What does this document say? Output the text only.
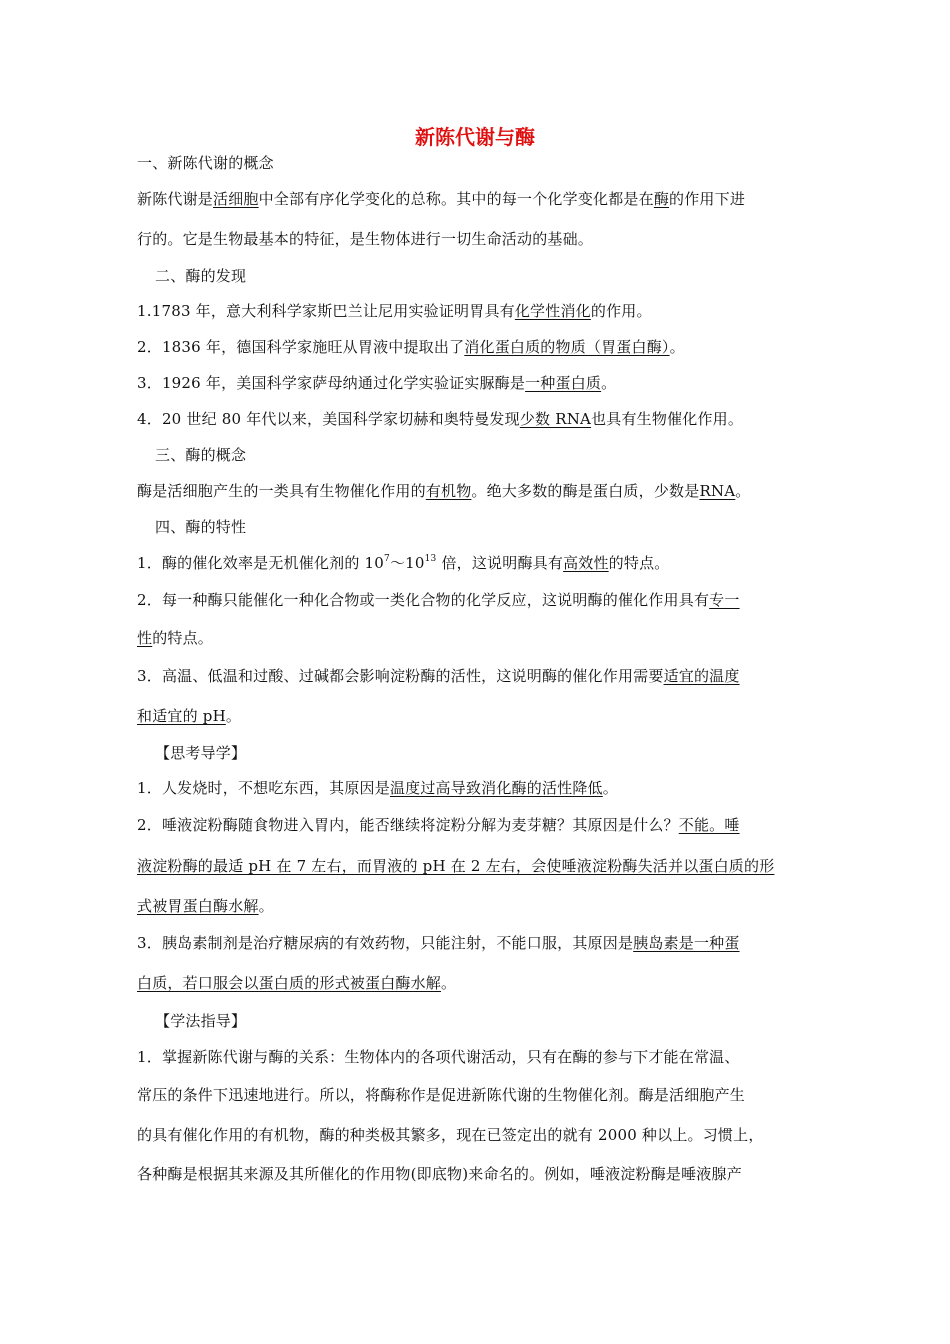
新陈代谢与酶
一、新陈代谢的概念
新陈代谢是活细胞中全部有序化学变化的总称。其中的每一个化学变化都是在酶的作用下进
行的。它是生物最基本的特征，是生物体进行一切生命活动的基础。
二、酶的发现
1.1783 年，意大利科学家斯巴兰让尼用实验证明胃具有化学性消化的作用。
2．1836 年，德国科学家施旺从胃液中提取出了消化蛋白质的物质（胃蛋白酶）。
3．1926 年，美国科学家萨母纳通过化学实验证实脲酶是一种蛋白质。
4．20 世纪 80 年代以来，美国科学家切赫和奥特曼发现少数 RNA也具有生物催化作用。
三、酶的概念
酶是活细胞产生的一类具有生物催化作用的有机物。绝大多数的酶是蛋白质，少数是RNA。
四、酶的特性
1．酶的催化效率是无机催化剂的 $10^7\sim 10^{13}$ 倍，这说明酶具有高效性的特点。
2．每一种酶只能催化一种化合物或一类化合物的化学反应，这说明酶的催化作用具有专一
性的特点。
3．高温、低温和过酸、过碱都会影响淀粉酶的活性，这说明酶的催化作用需要适宜的温度
和适宜的 pH。
【思考导学】
1．人发烧时，不想吃东西，其原因是温度过高导致消化酶的活性降低。
2．唾液淀粉酶随食物进入胃内，能否继续将淀粉分解为麦芽糖？其原因是什么？不能。唾
液淀粉酶的最适 pH 在 7 左右，而胃液的 pH 在 2 左右，会使唾液淀粉酶失活并以蛋白质的形
式被胃蛋白酶水解。
3．胰岛素制剂是治疗糖尿病的有效药物，只能注射，不能口服，其原因是胰岛素是一种蛋
白质，若口服会以蛋白质的形式被蛋白酶水解。
【学法指导】
1．掌握新陈代谢与酶的关系：生物体内的各项代谢活动，只有在酶的参与下才能在常温、
常压的条件下迅速地进行。所以，将酶称作是促进新陈代谢的生物催化剂。酶是活细胞产生
的具有催化作用的有机物，酶的种类极其繁多，现在已签定出的就有 2000 种以上。习惯上，
各种酶是根据其来源及其所催化的作用物(即底物)来命名的。例如，唾液淀粉酶是唾液腺产
